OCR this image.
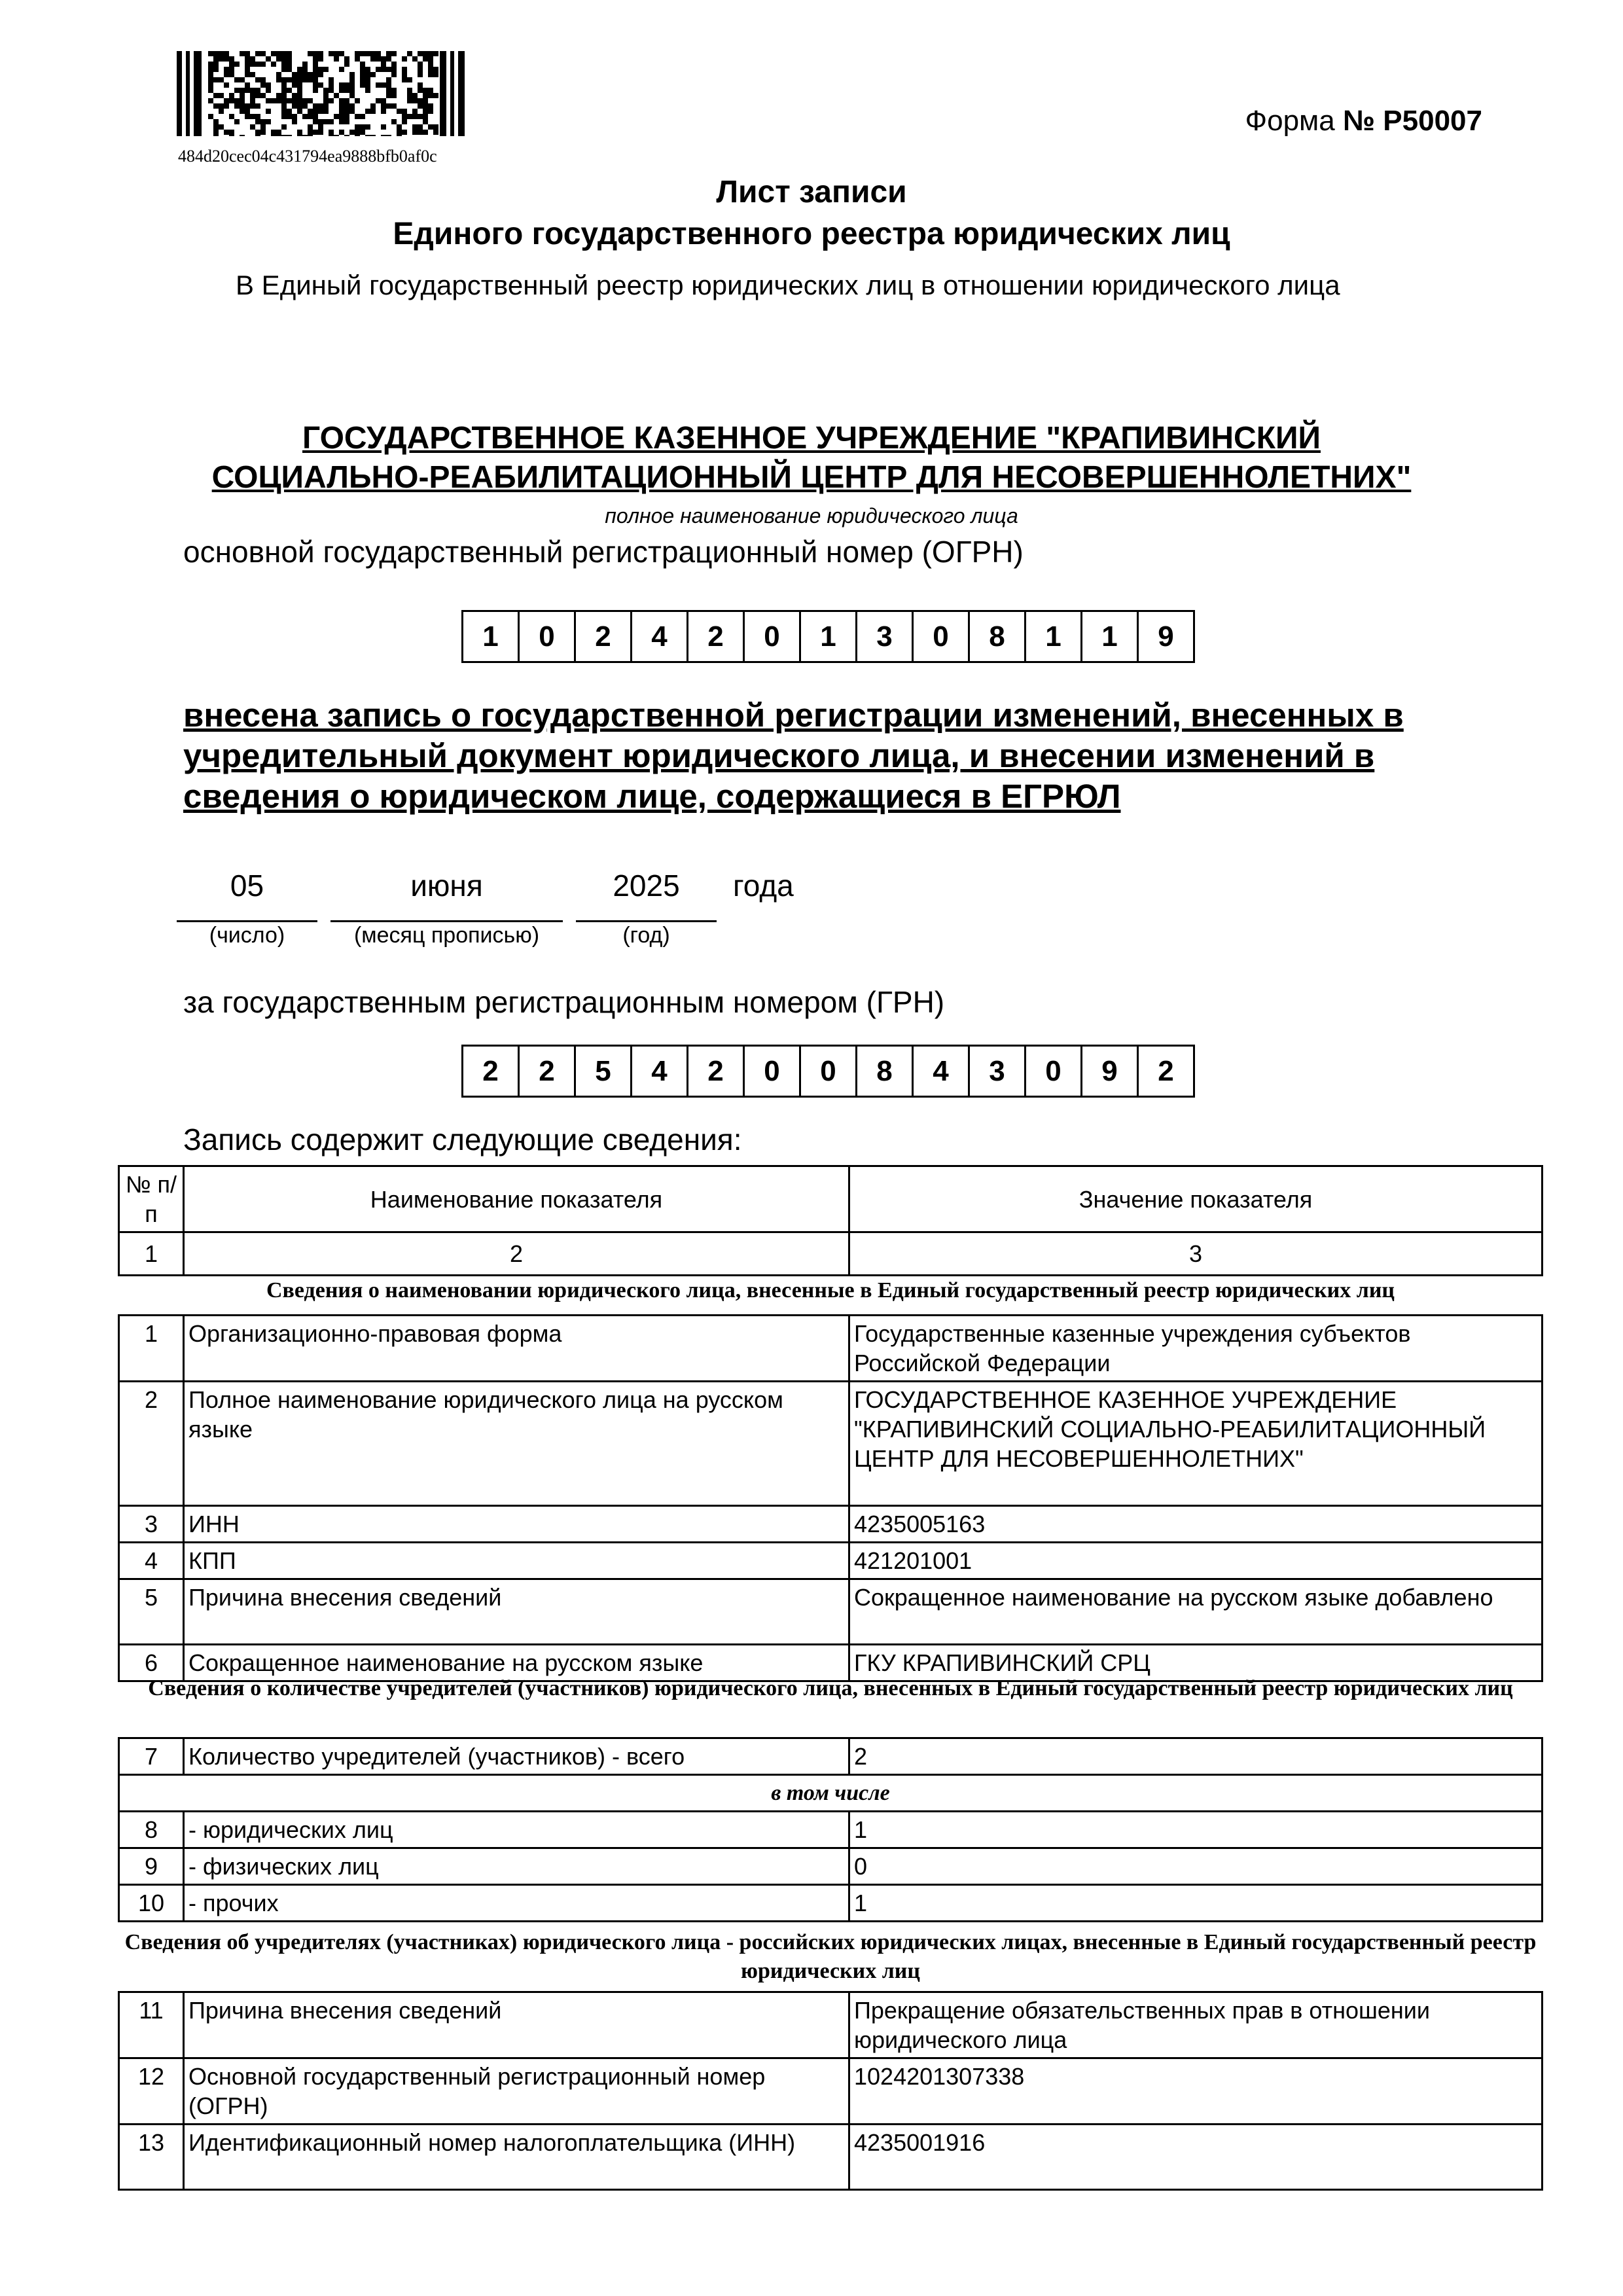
484d20cec04c431794ea9888bfb0af0c
Форма № Р50007
Лист записи
Единого государственного реестра юридических лиц
В Единый государственный реестр юридических лиц в отношении юридического лица
ГОСУДАРСТВЕННОЕ КАЗЕННОЕ УЧРЕЖДЕНИЕ "КРАПИВИНСКИЙ
СОЦИАЛЬНО-РЕАБИЛИТАЦИОННЫЙ ЦЕНТР ДЛЯ НЕСОВЕРШЕННОЛЕТНИХ"
полное наименование юридического лица
основной государственный регистрационный номер (ОГРН)
1	0	2	4	2	0	1	3	0	8	1	1	9
внесена запись о государственной регистрации изменений, внесенных в учредительный документ юридического лица, и внесении изменений в сведения о юридическом лице, содержащиеся в ЕГРЮЛ
05	июня	2025	года
(число)	(месяц прописью)	(год)
за государственным регистрационным номером (ГРН)
2	2	5	4	2	0	0	8	4	3	0	9	2
Запись содержит следующие сведения:
№ п/п	Наименование показателя	Значение показателя
1	2	3
Сведения о наименовании юридического лица, внесенные в Единый государственный реестр юридических лиц
1	Организационно-правовая форма	Государственные казенные учреждения субъектов Российской Федерации
2	Полное наименование юридического лица на русском языке	ГОСУДАРСТВЕННОЕ КАЗЕННОЕ УЧРЕЖДЕНИЕ "КРАПИВИНСКИЙ СОЦИАЛЬНО-РЕАБИЛИТАЦИОННЫЙ ЦЕНТР ДЛЯ НЕСОВЕРШЕННОЛЕТНИХ"
3	ИНН	4235005163
4	КПП	421201001
5	Причина внесения сведений	Сокращенное наименование на русском языке добавлено
6	Сокращенное наименование на русском языке	ГКУ КРАПИВИНСКИЙ СРЦ
Сведения о количестве учредителей (участников) юридического лица, внесенных в Единый государственный реестр юридических лиц
7	Количество учредителей (участников) - всего	2
в том числе		
8	- юридических лиц	1
9	- физических лиц	0
10	- прочих	1
Сведения об учредителях (участниках) юридического лица - российских юридических лицах, внесенные в Единый государственный реестр юридических лиц
11	Причина внесения сведений	Прекращение обязательственных прав в отношении юридического лица
12	Основной государственный регистрационный номер (ОГРН)	1024201307338
13	Идентификационный номер налогоплательщика (ИНН)	4235001916
